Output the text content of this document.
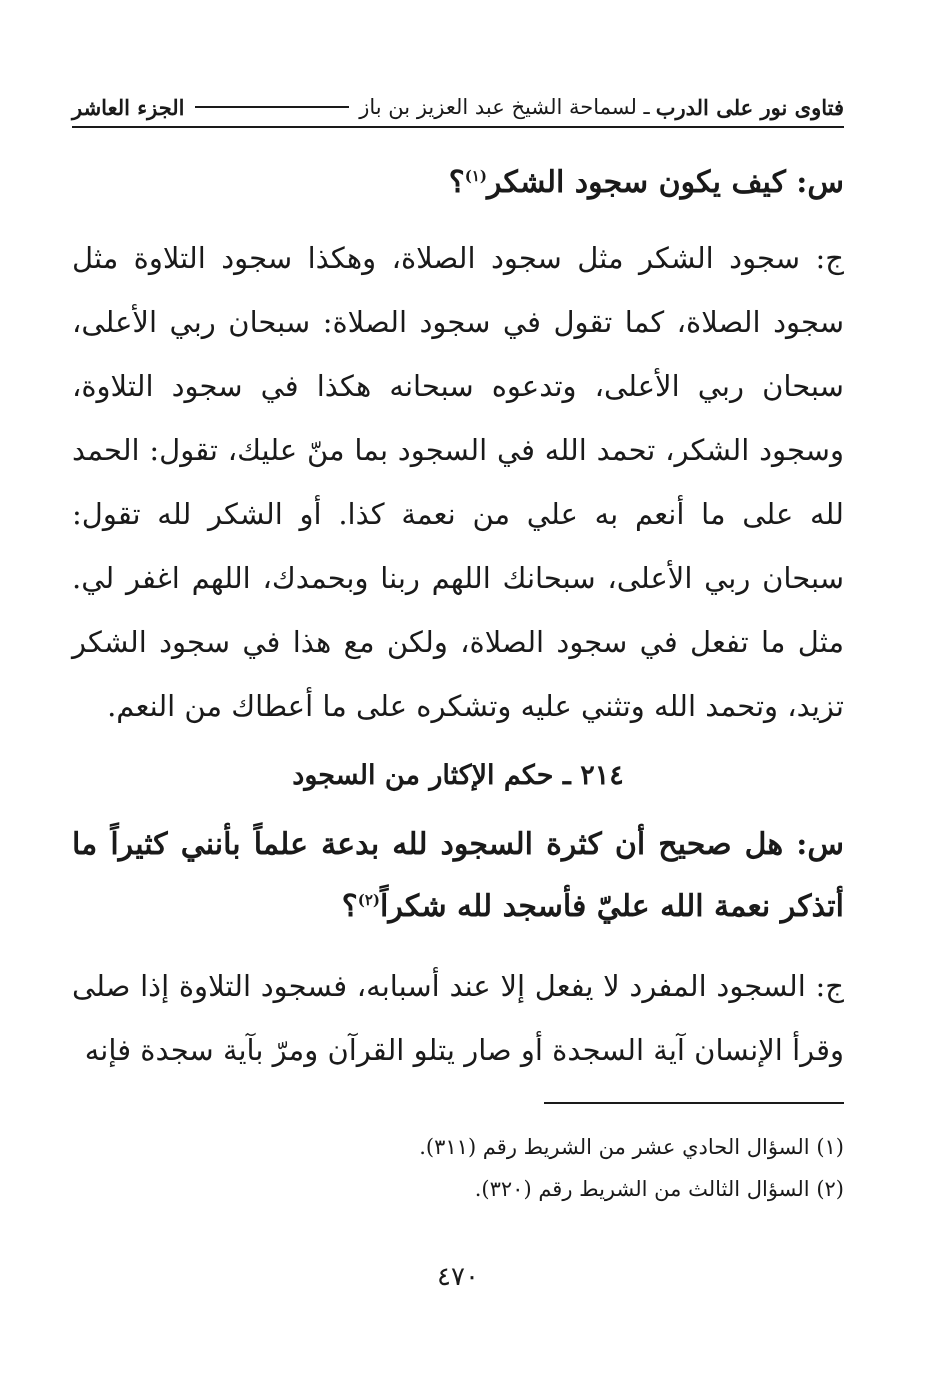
فتاوى نور على الدرب
ـ لسماحة الشيخ عبد العزيز بن باز
الجزء العاشر
س: كيف يكون سجود الشكر$^{(١)}$؟
ج: سجود الشكر مثل سجود الصلاة، وهكذا سجود التلاوة مثل سجود الصلاة، كما تقول في سجود الصلاة: سبحان ربي الأعلى، سبحان ربي الأعلى، وتدعوه سبحانه هكذا في سجود التلاوة، وسجود الشكر، تحمد الله في السجود بما منّ عليك، تقول: الحمد لله على ما أنعم به علي من نعمة كذا. أو الشكر لله تقول: سبحان ربي الأعلى، سبحانك اللهم ربنا وبحمدك، اللهم اغفر لي. مثل ما تفعل في سجود الصلاة، ولكن مع هذا في سجود الشكر تزيد، وتحمد الله وتثني عليه وتشكره على ما أعطاك من النعم.
٢١٤ ـ حكم الإكثار من السجود
س: هل صحيح أن كثرة السجود لله بدعة علماً بأنني كثيراً ما أتذكر نعمة الله عليّ فأسجد لله شكراً$^{(٢)}$؟
ج: السجود المفرد لا يفعل إلا عند أسبابه، فسجود التلاوة إذا صلى وقرأ الإنسان آية السجدة أو صار يتلو القرآن ومرّ بآية سجدة فإنه
(١) السؤال الحادي عشر من الشريط رقم (٣١١).
(٢) السؤال الثالث من الشريط رقم (٣٢٠).
٤٧٠
